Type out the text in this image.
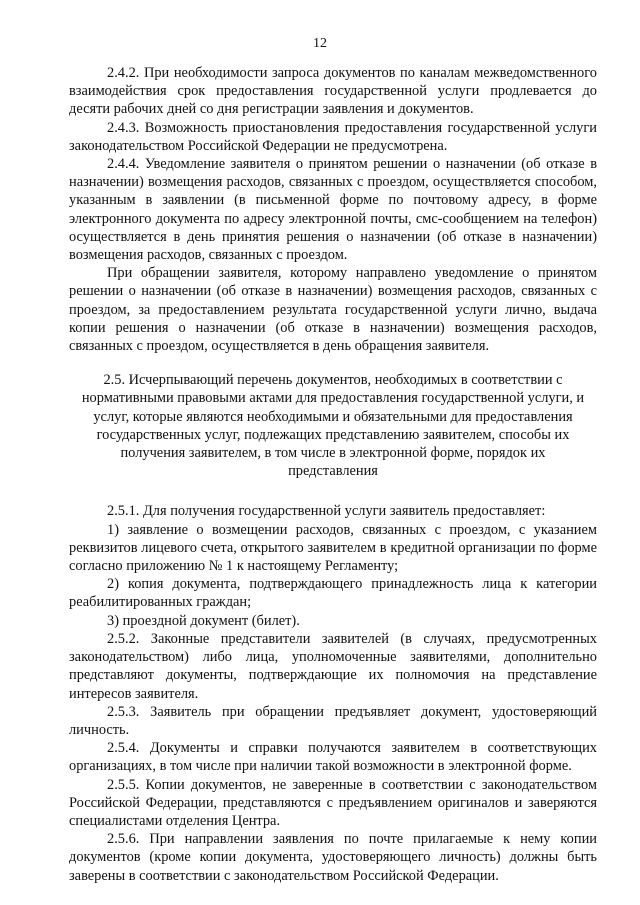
12

2.4.2. При необходимости запроса документов по каналам межведомственного взаимодействия срок предоставления государственной услуги продлевается до десяти рабочих дней со дня регистрации заявления и документов.

2.4.3. Возможность приостановления предоставления государственной услуги законодательством Российской Федерации не предусмотрена.

2.4.4. Уведомление заявителя о принятом решении о назначении (об отказе в назначении) возмещения расходов, связанных с проездом, осуществляется способом, указанным в заявлении (в письменной форме по почтовому адресу, в форме электронного документа по адресу электронной почты, смс-сообщением на телефон) осуществляется в день принятия решения о назначении (об отказе в назначении) возмещения расходов, связанных с проездом.

При обращении заявителя, которому направлено уведомление о принятом решении о назначении (об отказе в назначении) возмещения расходов, связанных с проездом, за предоставлением результата государственной услуги лично, выдача копии решения о назначении (об отказе в назначении) возмещения расходов, связанных с проездом, осуществляется в день обращения заявителя.

2.5. Исчерпывающий перечень документов, необходимых в соответствии с
нормативными правовыми актами для предоставления государственной услуги, и
услуг, которые являются необходимыми и обязательными для предоставления
государственных услуг, подлежащих представлению заявителем, способы их
получения заявителем, в том числе в электронной форме, порядок их
представления

2.5.1. Для получения государственной услуги заявитель предоставляет:

1) заявление о возмещении расходов, связанных с проездом, с указанием реквизитов лицевого счета, открытого заявителем в кредитной организации по форме согласно приложению № 1 к настоящему Регламенту;

2) копия документа, подтверждающего принадлежность лица к категории реабилитированных граждан;

3) проездной документ (билет).

2.5.2. Законные представители заявителей (в случаях, предусмотренных законодательством) либо лица, уполномоченные заявителями, дополнительно представляют документы, подтверждающие их полномочия на представление интересов заявителя.

2.5.3. Заявитель при обращении предъявляет документ, удостоверяющий личность.

2.5.4. Документы и справки получаются заявителем в соответствующих организациях, в том числе при наличии такой возможности в электронной форме.

2.5.5. Копии документов, не заверенные в соответствии с законодательством Российской Федерации, представляются с предъявлением оригиналов и заверяются специалистами отделения Центра.

2.5.6. При направлении заявления по почте прилагаемые к нему копии документов (кроме копии документа, удостоверяющего личность) должны быть заверены в соответствии с законодательством Российской Федерации.
